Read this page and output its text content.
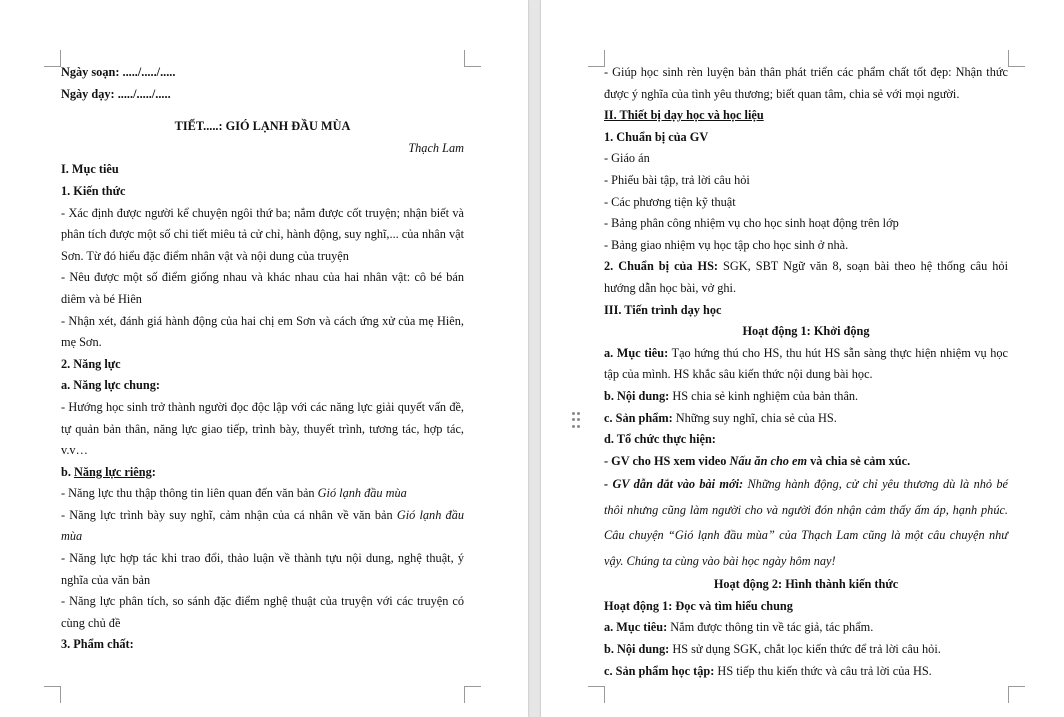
Ngày soạn: ...../...../.....

Ngày dạy: ...../...../.....

TIẾT.....: GIÓ LẠNH ĐẦU MÙA

Thạch Lam

I. Mục tiêu

1. Kiến thức

- Xác định được người kể chuyện ngôi thứ ba; nắm được cốt truyện; nhận biết và phân tích được một số chi tiết miêu tả cử chỉ, hành động, suy nghĩ,... của nhân vật Sơn. Từ đó hiểu đặc điểm nhân vật và nội dung của truyện

- Nêu được một số điểm giống nhau và khác nhau của hai nhân vật: cô bé bán diêm và bé Hiên

- Nhận xét, đánh giá hành động của hai chị em Sơn và cách ứng xử của mẹ Hiên, mẹ Sơn.

2. Năng lực

a. Năng lực chung:

- Hướng học sinh trở thành người đọc độc lập với các năng lực giải quyết vấn đề, tự quản bản thân, năng lực giao tiếp, trình bày, thuyết trình, tương tác, hợp tác, v.v…

b. Năng lực riêng:

- Năng lực thu thập thông tin liên quan đến văn bản Gió lạnh đầu mùa

- Năng lực trình bày suy nghĩ, cảm nhận của cá nhân về văn bản Gió lạnh đầu mùa

- Năng lực hợp tác khi trao đổi, thảo luận về thành tựu nội dung, nghệ thuật, ý nghĩa của văn bản

- Năng lực phân tích, so sánh đặc điểm nghệ thuật của truyện với các truyện có cùng chủ đề

3. Phẩm chất:

- Giúp học sinh rèn luyện bản thân phát triển các phẩm chất tốt đẹp: Nhận thức được ý nghĩa của tình yêu thương; biết quan tâm, chia sẻ với mọi người.

II. Thiết bị dạy học và học liệu

1. Chuẩn bị của GV

- Giáo án

- Phiếu bài tập, trả lời câu hỏi

- Các phương tiện kỹ thuật

- Bảng phân công nhiệm vụ cho học sinh hoạt động trên lớp

- Bảng giao nhiệm vụ học tập cho học sinh ở nhà.

2. Chuẩn bị của HS: SGK, SBT Ngữ văn 8, soạn bài theo hệ thống câu hỏi hướng dẫn học bài, vở ghi.

III. Tiến trình dạy học

Hoạt động 1: Khởi động

a. Mục tiêu: Tạo hứng thú cho HS, thu hút HS sẵn sàng thực hiện nhiệm vụ học tập của mình. HS khắc sâu kiến thức nội dung bài học.

b. Nội dung: HS chia sẻ kinh nghiệm của bản thân.

c. Sản phẩm: Những suy nghĩ, chia sẻ của HS.

d. Tổ chức thực hiện:

- GV cho HS xem video Nấu ăn cho em và chia sẻ cảm xúc.

- GV dẫn dắt vào bài mới: Những hành động, cử chỉ yêu thương dù là nhỏ bé thôi nhưng cũng làm người cho và người đón nhận cảm thấy ấm áp, hạnh phúc. Câu chuyện “Gió lạnh đầu mùa” của Thạch Lam cũng là một câu chuyện như vậy. Chúng ta cùng vào bài học ngày hôm nay!

Hoạt động 2: Hình thành kiến thức

Hoạt động 1: Đọc và tìm hiểu chung

a. Mục tiêu: Nắm được thông tin về tác giả, tác phẩm.

b. Nội dung: HS sử dụng SGK, chắt lọc kiến thức để trả lời câu hỏi.

c. Sản phẩm học tập: HS tiếp thu kiến thức và câu trả lời của HS.
